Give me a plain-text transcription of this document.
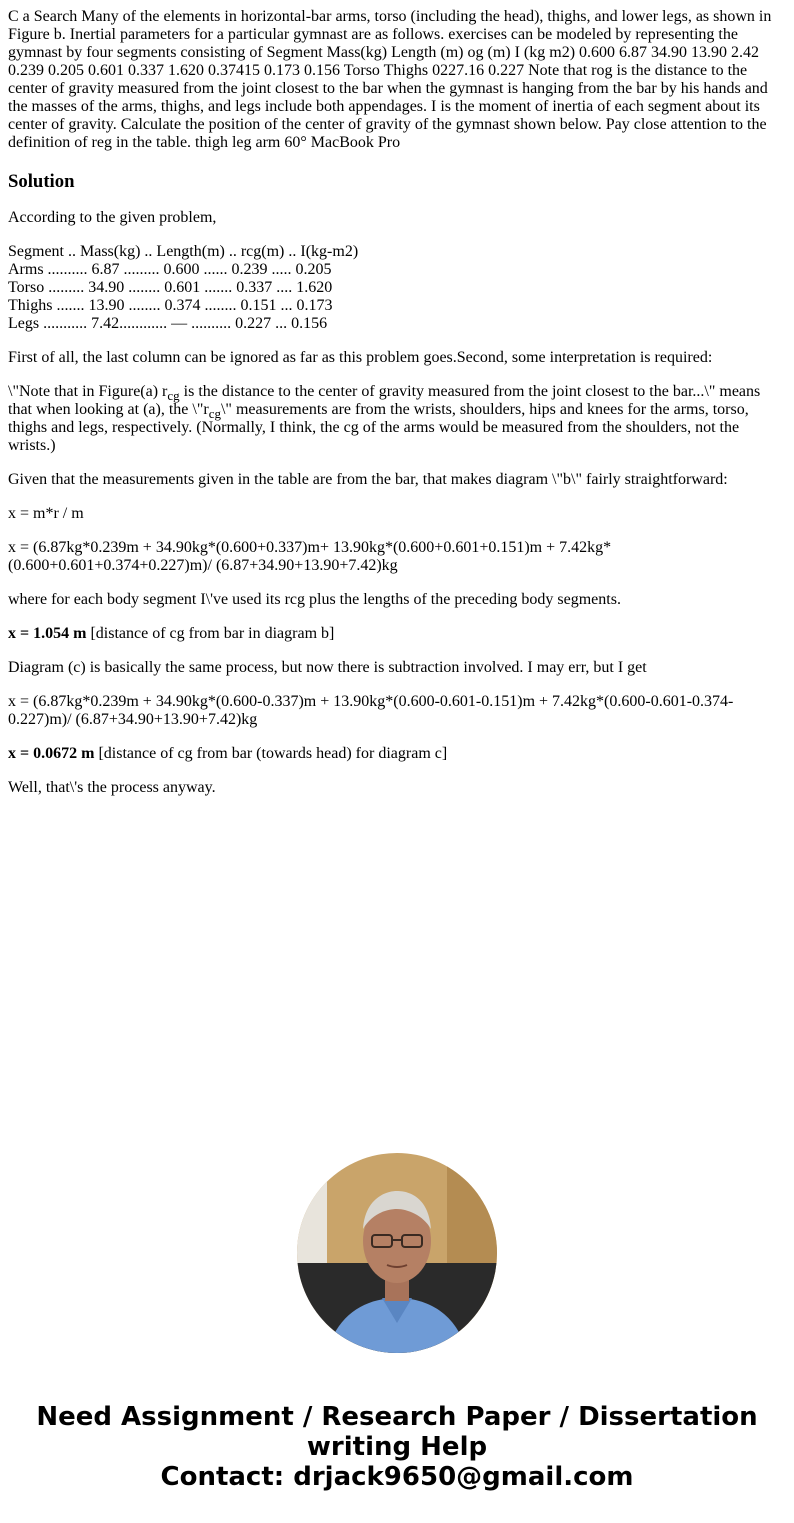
C a Search Many of the elements in horizontal-bar arms, torso (including the head), thighs, and lower legs, as shown in Figure b. Inertial parameters for a particular gymnast are as follows. exercises can be modeled by representing the gymnast by four segments consisting of Segment Mass(kg) Length (m) og (m) I (kg m2) 0.600 6.87 34.90 13.90 2.42 0.239 0.205 0.601 0.337 1.620 0.37415 0.173 0.156 Torso Thighs 0227.16 0.227 Note that rog is the distance to the center of gravity measured from the joint closest to the bar when the gymnast is hanging from the bar by his hands and the masses of the arms, thighs, and legs include both appendages. I is the moment of inertia of each segment about its center of gravity. Calculate the position of the center of gravity of the gymnast shown below. Pay close attention to the definition of reg in the table. thigh leg arm 60° MacBook Pro
Solution

According to the given problem,

Segment .. Mass(kg) .. Length(m) .. rcg(m) .. I(kg-m2)
Arms .......... 6.87 ......... 0.600 ...... 0.239 ..... 0.205
Torso ......... 34.90 ........ 0.601 ....... 0.337 .... 1.620
Thighs ....... 13.90 ........ 0.374 ........ 0.151 ... 0.173
Legs ........... 7.42............ — .......... 0.227 ... 0.156

First of all, the last column can be ignored as far as this problem goes.Second, some interpretation is required:

\"Note that in Figure(a) $r_{cg}$ is the distance to the center of gravity measured from the joint closest to the bar...\" means that when looking at (a), the $\backslash"r_{cg}\backslash$" measurements are from the wrists, shoulders, hips and knees for the arms, torso, thighs and legs, respectively. (Normally, I think, the cg of the arms would be measured from the shoulders, not the wrists.)

Given that the measurements given in the table are from the bar, that makes diagram \"b\" fairly straightforward:

x = m*r / m

x = (6.87kg*0.239m + 34.90kg*(0.600+0.337)m+ 13.90kg*(0.600+0.601+0.151)m + 7.42kg*(0.600+0.601+0.374+0.227)m)/ (6.87+34.90+13.90+7.42)kg

where for each body segment I\'ve used its rcg plus the lengths of the preceding body segments.

x = 1.054 m [distance of cg from bar in diagram b]

Diagram (c) is basically the same process, but now there is subtraction involved. I may err, but I get

x = (6.87kg*0.239m + 34.90kg*(0.600-0.337)m + 13.90kg*(0.600-0.601-0.151)m + 7.42kg*(0.600-0.601-0.374-0.227)m)/ (6.87+34.90+13.90+7.42)kg

x = 0.0672 m [distance of cg from bar (towards head) for diagram c]

Well, that\'s the process anyway.

Need Assignment / Research Paper / Dissertation
writing Help
Contact: drjack9650@gmail.com
